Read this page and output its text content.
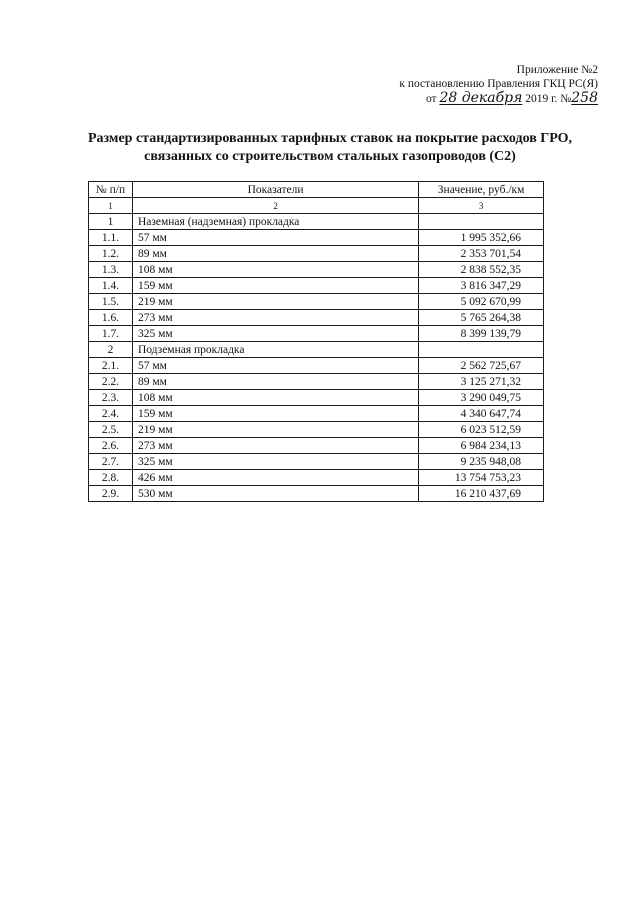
Приложение №2
к постановлению Правления ГКЦ РС(Я)
от 28 декабря 2019 г. №258
Размер стандартизированных тарифных ставок на покрытие расходов ГРО,
связанных со строительством стальных газопроводов (С2)
№ п/п	Показатели	Значение, руб./км
1	2	3
1	Наземная (надземная) прокладка	
1.1.	57 мм	1 995 352,66
1.2.	89 мм	2 353 701,54
1.3.	108 мм	2 838 552,35
1.4.	159 мм	3 816 347,29
1.5.	219 мм	5 092 670,99
1.6.	273 мм	5 765 264,38
1.7.	325 мм	8 399 139,79
2	Подземная прокладка	
2.1.	57 мм	2 562 725,67
2.2.	89 мм	3 125 271,32
2.3.	108 мм	3 290 049,75
2.4.	159 мм	4 340 647,74
2.5.	219 мм	6 023 512,59
2.6.	273 мм	6 984 234,13
2.7.	325 мм	9 235 948,08
2.8.	426 мм	13 754 753,23
2.9.	530 мм	16 210 437,69
